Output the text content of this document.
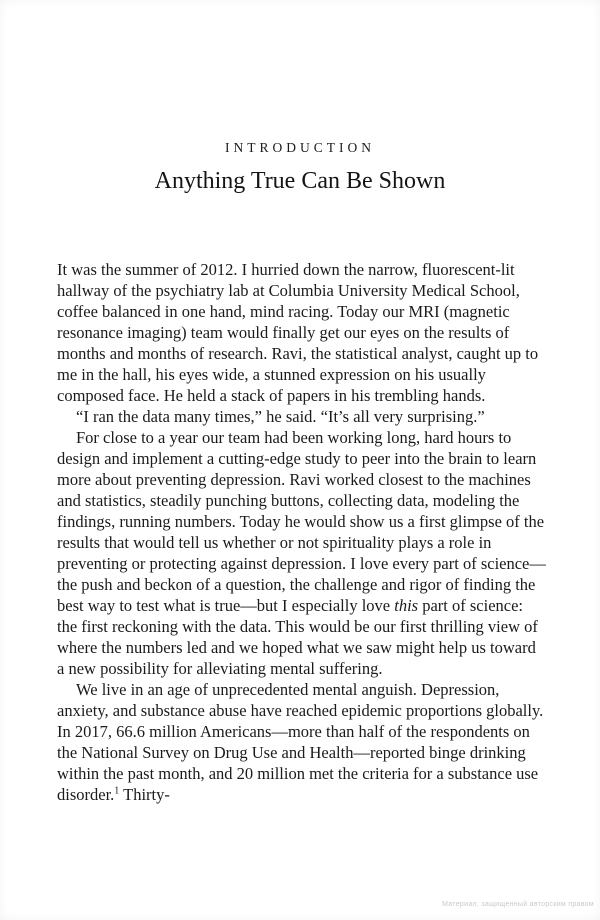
INTRODUCTION
Anything True Can Be Shown

It was the summer of 2012. I hurried down the narrow, fluorescent-lit hallway of the psychiatry lab at Columbia University Medical School, coffee balanced in one hand, mind racing. Today our MRI (magnetic resonance imaging) team would finally get our eyes on the results of months and months of research. Ravi, the statistical analyst, caught up to me in the hall, his eyes wide, a stunned expression on his usually composed face. He held a stack of papers in his trembling hands.

“I ran the data many times,” he said. “It’s all very surprising.”

For close to a year our team had been working long, hard hours to design and implement a cutting-edge study to peer into the brain to learn more about preventing depression. Ravi worked closest to the machines and statistics, steadily punching buttons, collecting data, modeling the findings, running numbers. Today he would show us a first glimpse of the results that would tell us whether or not spirituality plays a role in preventing or protecting against depression. I love every part of science—the push and beckon of a question, the challenge and rigor of finding the best way to test what is true—but I especially love this part of science: the first reckoning with the data. This would be our first thrilling view of where the numbers led and we hoped what we saw might help us toward a new possibility for alleviating mental suffering.

We live in an age of unprecedented mental anguish. Depression, anxiety, and substance abuse have reached epidemic proportions globally. In 2017, 66.6 million Americans—more than half of the respondents on the National Survey on Drug Use and Health—reported binge drinking within the past month, and 20 million met the criteria for a substance use disorder.$^1$ Thirty-

Материал, защищенный авторским правом
